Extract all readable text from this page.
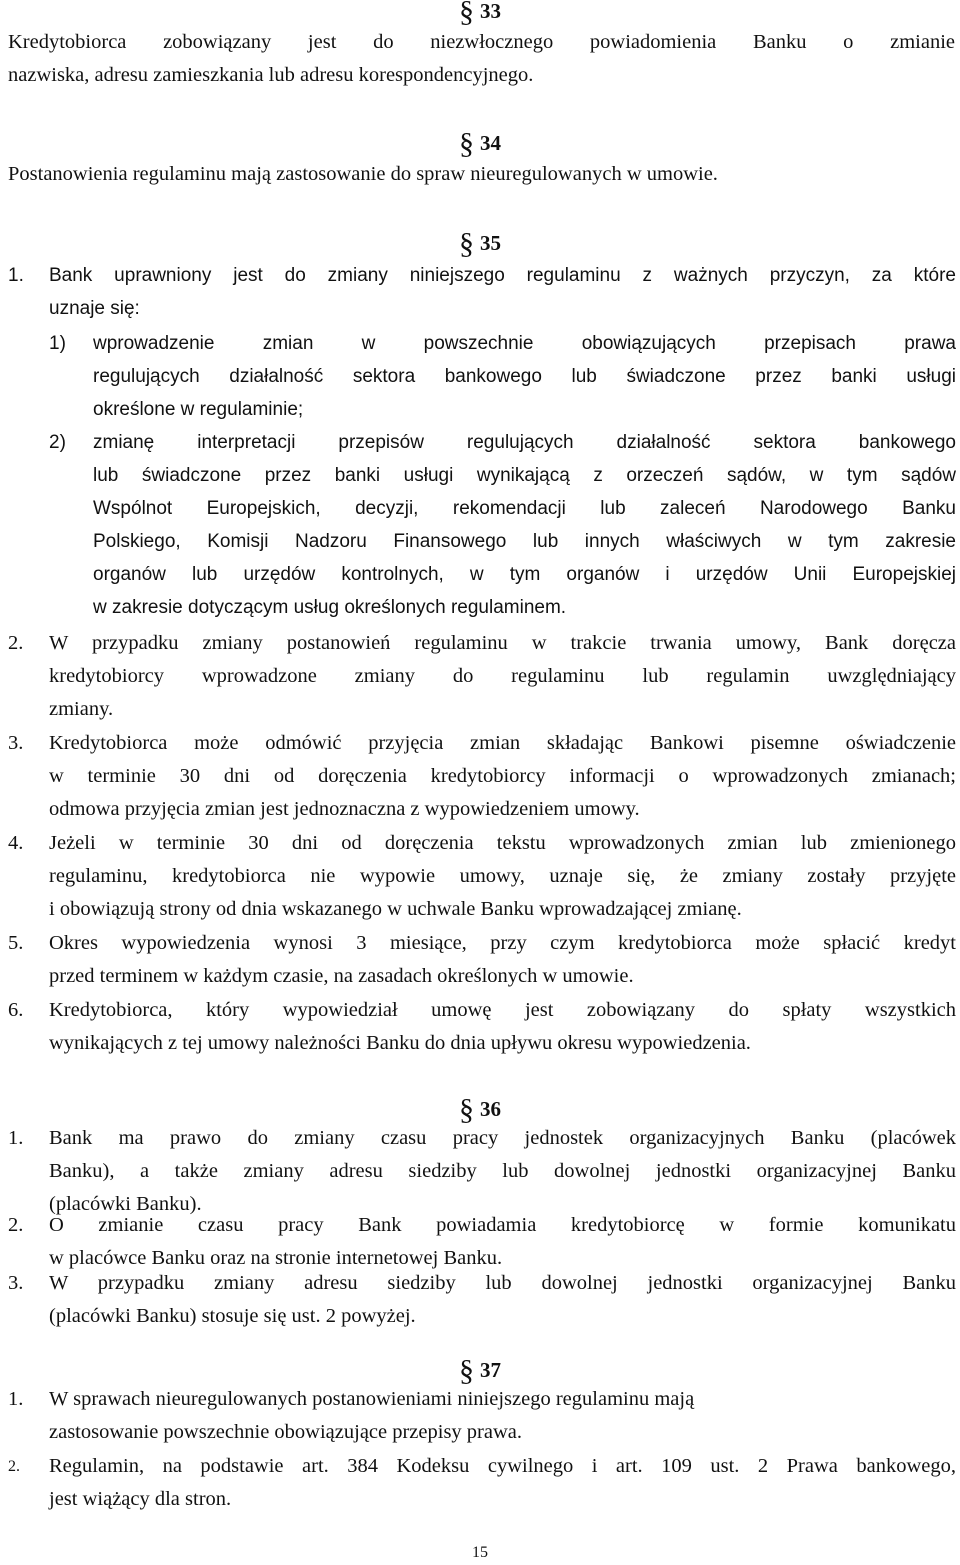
§ 33
Kredytobiorca zobowiązany jest do niezwłocznego powiadomienia Banku o zmianie
nazwiska, adresu zamieszkania lub adresu korespondencyjnego.
§ 34
Postanowienia regulaminu mają zastosowanie do spraw nieuregulowanych w umowie.
§ 35
1. Bank uprawniony jest do zmiany niniejszego regulaminu z ważnych przyczyn, za które
uznaje się:
1) wprowadzenie zmian w powszechnie obowiązujących przepisach prawa
regulujących działalność sektora bankowego lub świadczone przez banki usługi
określone w regulaminie;
2) zmianę interpretacji przepisów regulujących działalność sektora bankowego
lub świadczone przez banki usługi wynikającą z orzeczeń sądów, w tym sądów
Wspólnot Europejskich, decyzji, rekomendacji lub zaleceń Narodowego Banku
Polskiego, Komisji Nadzoru Finansowego lub innych właściwych w tym zakresie
organów lub urzędów kontrolnych, w tym organów i urzędów Unii Europejskiej
w zakresie dotyczącym usług określonych regulaminem.
2. W przypadku zmiany postanowień regulaminu w trakcie trwania umowy, Bank doręcza
kredytobiorcy wprowadzone zmiany do regulaminu lub regulamin uwzględniający
zmiany.
3. Kredytobiorca może odmówić przyjęcia zmian składając Bankowi pisemne oświadczenie
w terminie 30 dni od doręczenia kredytobiorcy informacji o wprowadzonych zmianach;
odmowa przyjęcia zmian jest jednoznaczna z wypowiedzeniem umowy.
4. Jeżeli w terminie 30 dni od doręczenia tekstu wprowadzonych zmian lub zmienionego
regulaminu, kredytobiorca nie wypowie umowy, uznaje się, że zmiany zostały przyjęte
i obowiązują strony od dnia wskazanego w uchwale Banku wprowadzającej zmianę.
5. Okres wypowiedzenia wynosi 3 miesiące, przy czym kredytobiorca może spłacić kredyt
przed terminem w każdym czasie, na zasadach określonych w umowie.
6. Kredytobiorca, który wypowiedział umowę jest zobowiązany do spłaty wszystkich
wynikających z tej umowy należności Banku do dnia upływu okresu wypowiedzenia.
§ 36
1. Bank ma prawo do zmiany czasu pracy jednostek organizacyjnych Banku (placówek
Banku), a także zmiany adresu siedziby lub dowolnej jednostki organizacyjnej Banku
(placówki Banku).
2. O zmianie czasu pracy Bank powiadamia kredytobiorcę w formie komunikatu
w placówce Banku oraz na stronie internetowej Banku.
3. W przypadku zmiany adresu siedziby lub dowolnej jednostki organizacyjnej Banku
(placówki Banku) stosuje się ust. 2 powyżej.
§ 37
1. W sprawach nieuregulowanych postanowieniami niniejszego regulaminu mają
zastosowanie powszechnie obowiązujące przepisy prawa.
2. Regulamin, na podstawie art. 384 Kodeksu cywilnego i art. 109 ust. 2 Prawa bankowego,
jest wiążący dla stron.
15
